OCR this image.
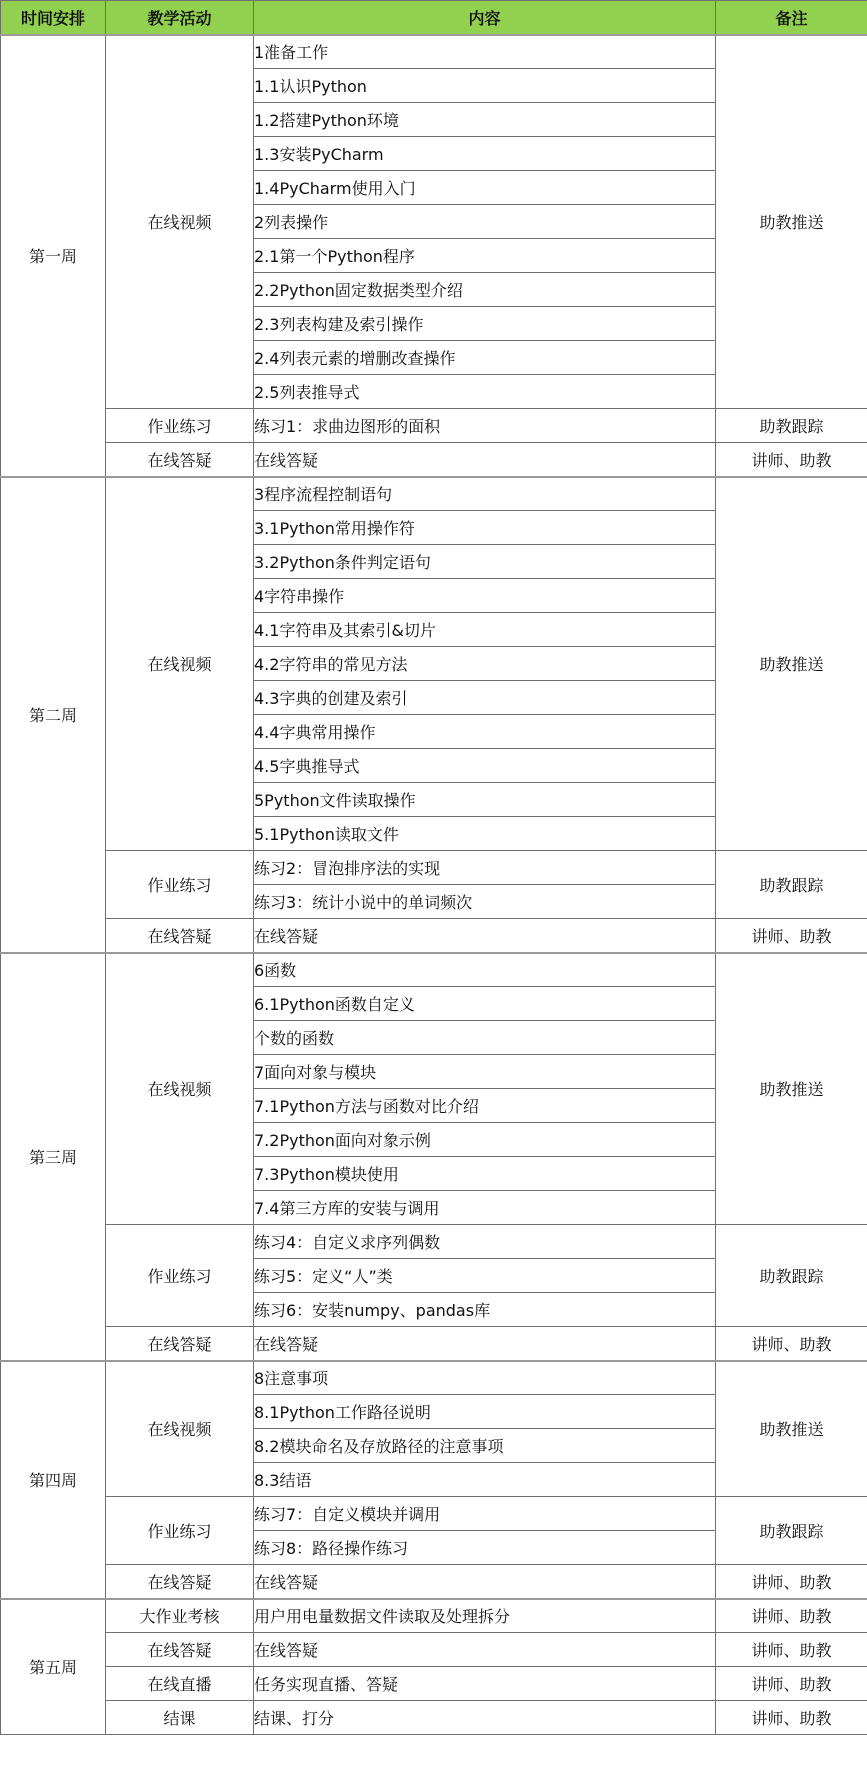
时间安排	教学活动	内容	备注
第一周	在线视频	1准备工作	助教推送
		1.1认识Python	
		1.2搭建Python环境	
		1.3安装PyCharm	
		1.4PyCharm使用入门	
		2列表操作	
		2.1第一个Python程序	
		2.2Python固定数据类型介绍	
		2.3列表构建及索引操作	
		2.4列表元素的增删改查操作	
		2.5列表推导式	
	作业练习	练习1：求曲边图形的面积	助教跟踪
	在线答疑	在线答疑	讲师、助教
第二周	在线视频	3程序流程控制语句	助教推送
		3.1Python常用操作符	
		3.2Python条件判定语句	
		4字符串操作	
		4.1字符串及其索引&切片	
		4.2字符串的常见方法	
		4.3字典的创建及索引	
		4.4字典常用操作	
		4.5字典推导式	
		5Python文件读取操作	
		5.1Python读取文件	
	作业练习	练习2：冒泡排序法的实现	助教跟踪
		练习3：统计小说中的单词频次	
	在线答疑	在线答疑	讲师、助教
第三周	在线视频	6函数	助教推送
		6.1Python函数自定义	
		个数的函数	
		7面向对象与模块	
		7.1Python方法与函数对比介绍	
		7.2Python面向对象示例	
		7.3Python模块使用	
		7.4第三方库的安装与调用	
	作业练习	练习4：自定义求序列偶数	助教跟踪
		练习5：定义“人”类	
		练习6：安装numpy、pandas库	
	在线答疑	在线答疑	讲师、助教
第四周	在线视频	8注意事项	助教推送
		8.1Python工作路径说明	
		8.2模块命名及存放路径的注意事项	
		8.3结语	
	作业练习	练习7：自定义模块并调用	助教跟踪
		练习8：路径操作练习	
	在线答疑	在线答疑	讲师、助教
第五周	大作业考核	用户用电量数据文件读取及处理拆分	讲师、助教
	在线答疑	在线答疑	讲师、助教
	在线直播	任务实现直播、答疑	讲师、助教
	结课	结课、打分	讲师、助教
